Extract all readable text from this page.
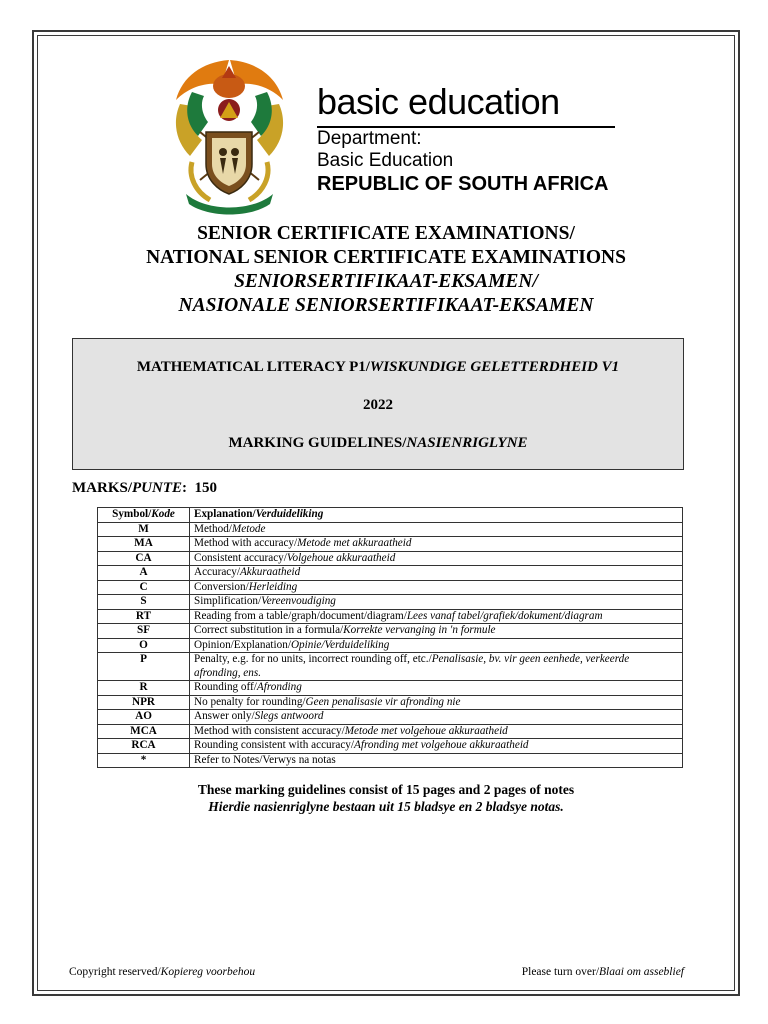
basic education
Department:
Basic Education
REPUBLIC OF SOUTH AFRICA
SENIOR CERTIFICATE EXAMINATIONS/
NATIONAL SENIOR CERTIFICATE EXAMINATIONS
SENIORSERTIFIKAAT-EKSAMEN/
NASIONALE SENIORSERTIFIKAAT-EKSAMEN
MATHEMATICAL LITERACY P1/WISKUNDIGE GELETTERDHEID V1
2022
MARKING GUIDELINES/NASIENRIGLYNE
MARKS/PUNTE:  150
Symbol/Kode	Explanation/Verduideliking
M	Method/Metode
MA	Method with accuracy/Metode met akkuraatheid
CA	Consistent accuracy/Volgehoue akkuraatheid
A	Accuracy/Akkuraatheid
C	Conversion/Herleiding
S	Simplification/Vereenvoudiging
RT	Reading from a table/graph/document/diagram/Lees vanaf tabel/grafiek/dokument/diagram
SF	Correct substitution in a formula/Korrekte vervanging in 'n formule
O	Opinion/Explanation/Opinie/Verduideliking
P	Penalty, e.g. for no units, incorrect rounding off, etc./Penalisasie, bv. vir geen eenhede, verkeerde afronding, ens.
R	Rounding off/Afronding
NPR	No penalty for rounding/Geen penalisasie vir afronding nie
AO	Answer only/Slegs antwoord
MCA	Method with consistent accuracy/Metode met volgehoue akkuraatheid
RCA	Rounding consistent with accuracy/Afronding met volgehoue akkuraatheid
*	Refer to Notes/Verwys na notas
These marking guidelines consist of 15 pages and 2 pages of notes
Hierdie nasienriglyne bestaan uit 15 bladsye en 2 bladsye notas.
Copyright reserved/Kopiereg voorbehou	Please turn over/Blaai om asseblief
